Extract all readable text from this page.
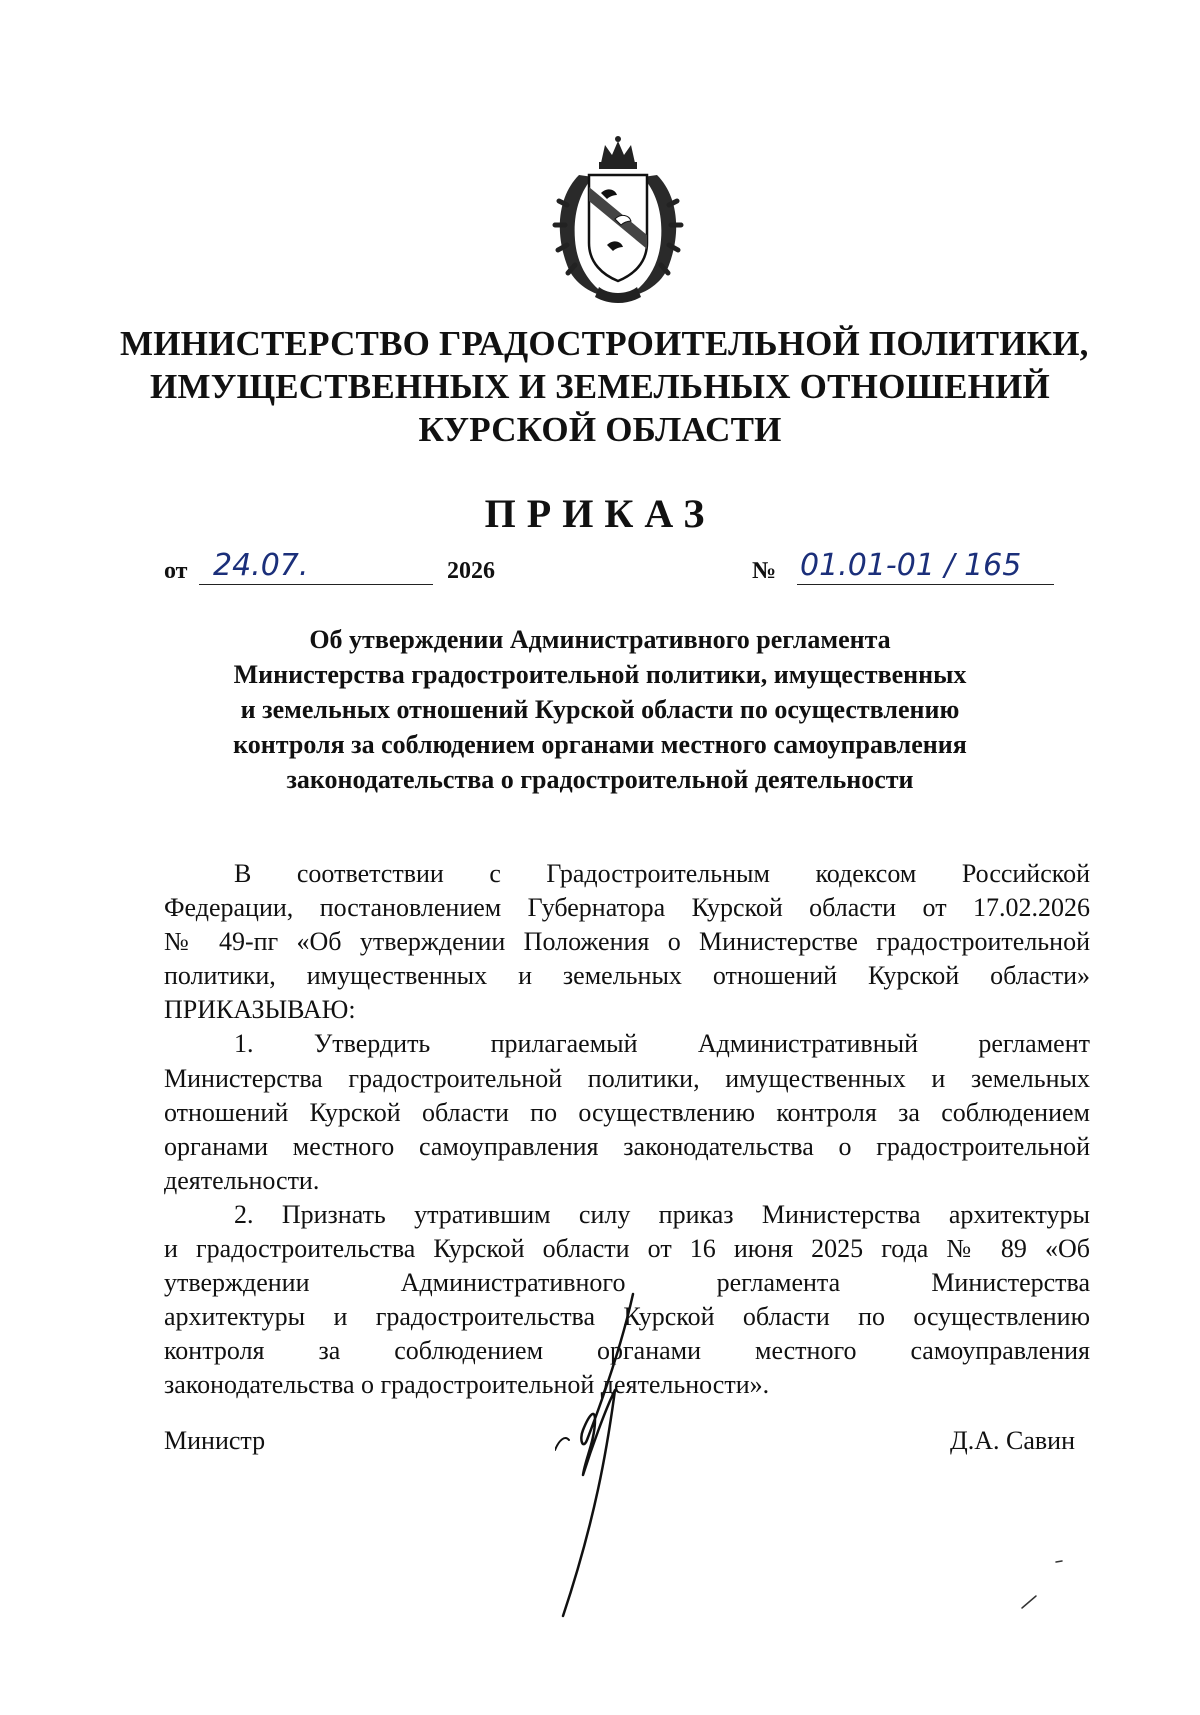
МИНИСТЕРСТВО ГРАДОСТРОИТЕЛЬНОЙ ПОЛИТИКИ,
ИМУЩЕСТВЕННЫХ И ЗЕМЕЛЬНЫХ ОТНОШЕНИЙ
КУРСКОЙ ОБЛАСТИ
ПРИКАЗ
от 24.07.	2026	№ 01.01-01 / 165
Об утверждении Административного регламента
Министерства градостроительной политики, имущественных
и земельных отношений Курской области по осуществлению
контроля за соблюдением органами местного самоуправления
законодательства о градостроительной деятельности
В соответствии с Градостроительным кодексом Российской
Федерации, постановлением Губернатора Курской области от 17.02.2026
№ 49-пг «Об утверждении Положения о Министерстве градостроительной
политики, имущественных и земельных отношений Курской области»
ПРИКАЗЫВАЮ:
1. Утвердить прилагаемый Административный регламент
Министерства градостроительной политики, имущественных и земельных
отношений Курской области по осуществлению контроля за соблюдением
органами местного самоуправления законодательства о градостроительной
деятельности.
2. Признать утратившим силу приказ Министерства архитектуры
и градостроительства Курской области от 16 июня 2025 года № 89 «Об
утверждении Административного регламента Министерства
архитектуры и градостроительства Курской области по осуществлению
контроля за соблюдением органами местного самоуправления
законодательства о градостроительной деятельности».
Министр	Д.А. Савин
